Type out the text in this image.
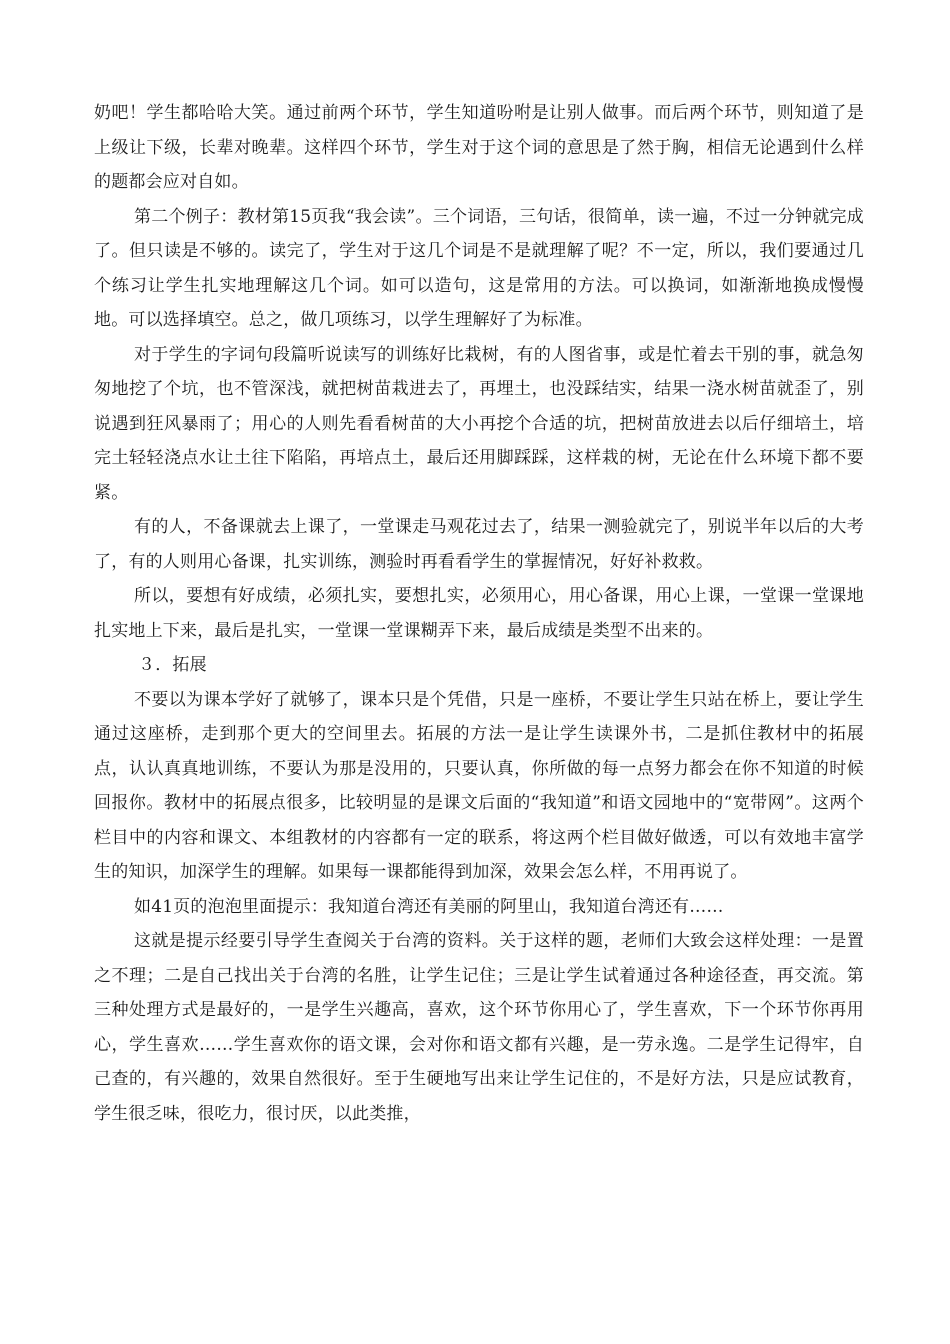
奶吧！学生都哈哈大笑。通过前两个环节，学生知道吩咐是让别人做事。而后两个环节，则知道了是上级让下级，长辈对晚辈。这样四个环节，学生对于这个词的意思是了然于胸，相信无论遇到什么样的题都会应对自如。

第二个例子：教材第15页我“我会读”。三个词语，三句话，很简单，读一遍，不过一分钟就完成了。但只读是不够的。读完了，学生对于这几个词是不是就理解了呢？不一定，所以，我们要通过几个练习让学生扎实地理解这几个词。如可以造句，这是常用的方法。可以换词，如渐渐地换成慢慢地。可以选择填空。总之，做几项练习，以学生理解好了为标准。

对于学生的字词句段篇听说读写的训练好比栽树，有的人图省事，或是忙着去干别的事，就急匆匆地挖了个坑，也不管深浅，就把树苗栽进去了，再埋土，也没踩结实，结果一浇水树苗就歪了，别说遇到狂风暴雨了；用心的人则先看看树苗的大小再挖个合适的坑，把树苗放进去以后仔细培土，培完土轻轻浇点水让土往下陷陷，再培点土，最后还用脚踩踩，这样栽的树，无论在什么环境下都不要紧。

有的人，不备课就去上课了，一堂课走马观花过去了，结果一测验就完了，别说半年以后的大考了，有的人则用心备课，扎实训练，测验时再看看学生的掌握情况，好好补救救。

所以，要想有好成绩，必须扎实，要想扎实，必须用心，用心备课，用心上课，一堂课一堂课地扎实地上下来，最后是扎实，一堂课一堂课糊弄下来，最后成绩是类型不出来的。

３．拓展

不要以为课本学好了就够了，课本只是个凭借，只是一座桥，不要让学生只站在桥上，要让学生通过这座桥，走到那个更大的空间里去。拓展的方法一是让学生读课外书，二是抓住教材中的拓展点，认认真真地训练，不要认为那是没用的，只要认真，你所做的每一点努力都会在你不知道的时候回报你。教材中的拓展点很多，比较明显的是课文后面的“我知道”和语文园地中的“宽带网”。这两个栏目中的内容和课文、本组教材的内容都有一定的联系，将这两个栏目做好做透，可以有效地丰富学生的知识，加深学生的理解。如果每一课都能得到加深，效果会怎么样，不用再说了。

如41页的泡泡里面提示：我知道台湾还有美丽的阿里山，我知道台湾还有……

这就是提示经要引导学生查阅关于台湾的资料。关于这样的题，老师们大致会这样处理：一是置之不理；二是自己找出关于台湾的名胜，让学生记住；三是让学生试着通过各种途径查，再交流。第三种处理方式是最好的，一是学生兴趣高，喜欢，这个环节你用心了，学生喜欢，下一个环节你再用心，学生喜欢……学生喜欢你的语文课，会对你和语文都有兴趣，是一劳永逸。二是学生记得牢，自己查的，有兴趣的，效果自然很好。至于生硬地写出来让学生记住的，不是好方法，只是应试教育，学生很乏味，很吃力，很讨厌，以此类推，
